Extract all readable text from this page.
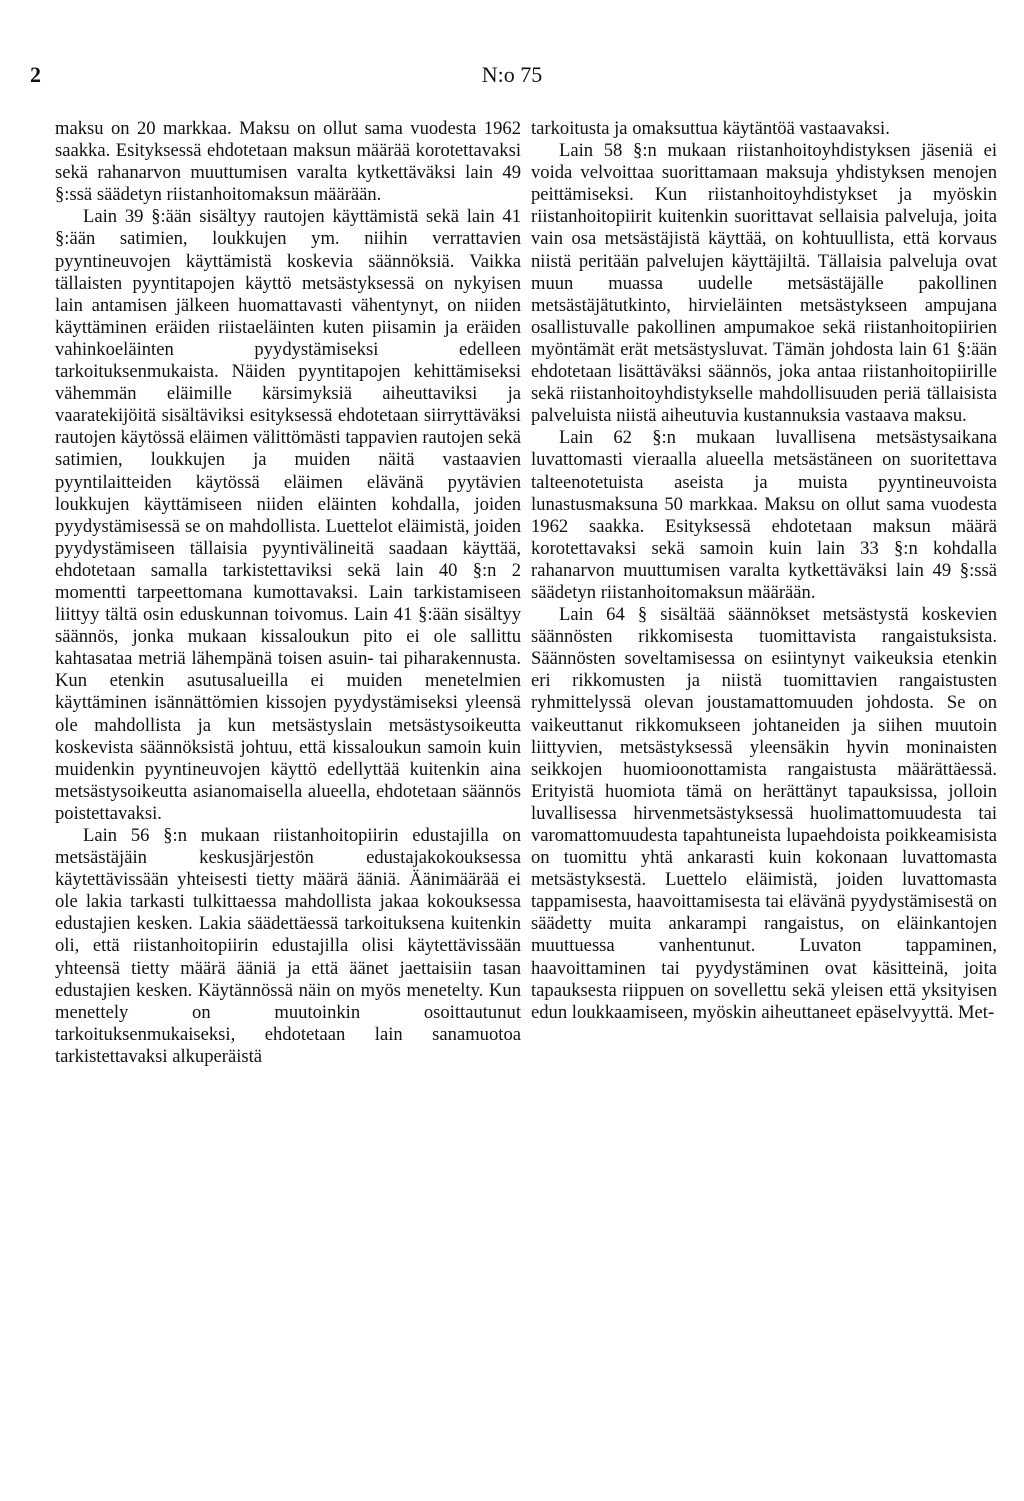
2	N:o 75

maksu on 20 markkaa. Maksu on ollut sama vuodesta 1962 saakka. Esityksessä ehdotetaan maksun määrää korotettavaksi sekä rahanarvon muuttumisen varalta kytkettäväksi lain 49 §:ssä säädetyn riistanhoitomaksun määrään.

Lain 39 §:ään sisältyy rautojen käyttämistä sekä lain 41 §:ään satimien, loukkujen ym. niihin verrattavien pyyntineuvojen käyttämistä koskevia säännöksiä. Vaikka tällaisten pyyntitapojen käyttö metsästyksessä on nykyisen lain antamisen jälkeen huomattavasti vähentynyt, on niiden käyttäminen eräiden riistaeläinten kuten piisamin ja eräiden vahinkoeläinten pyydystämiseksi edelleen tarkoituksenmukaista. Näiden pyyntitapojen kehittämiseksi vähemmän eläimille kärsimyksiä aiheuttaviksi ja vaaratekijöitä sisältäviksi esityksessä ehdotetaan siirryttäväksi rautojen käytössä eläimen välittömästi tappavien rautojen sekä satimien, loukkujen ja muiden näitä vastaavien pyyntilaitteiden käytössä eläimen elävänä pyytävien loukkujen käyttämiseen niiden eläinten kohdalla, joiden pyydystämisessä se on mahdollista. Luettelot eläimistä, joiden pyydystämiseen tällaisia pyyntivälineitä saadaan käyttää, ehdotetaan samalla tarkistettaviksi sekä lain 40 §:n 2 momentti tarpeettomana kumottavaksi. Lain tarkistamiseen liittyy tältä osin eduskunnan toivomus. Lain 41 §:ään sisältyy säännös, jonka mukaan kissaloukun pito ei ole sallittu kahtasataa metriä lähempänä toisen asuin- tai piharakennusta. Kun etenkin asutusalueilla ei muiden menetelmien käyttäminen isännättömien kissojen pyydystämiseksi yleensä ole mahdollista ja kun metsästyslain metsästysoikeutta koskevista säännöksistä johtuu, että kissaloukun samoin kuin muidenkin pyyntineuvojen käyttö edellyttää kuitenkin aina metsästysoikeutta asianomaisella alueella, ehdotetaan säännös poistettavaksi.

Lain 56 §:n mukaan riistanhoitopiirin edustajilla on metsästäjäin keskusjärjestön edustajakokouksessa käytettävissään yhteisesti tietty määrä ääniä. Äänimäärää ei ole lakia tarkasti tulkittaessa mahdollista jakaa kokouksessa edustajien kesken. Lakia säädettäessä tarkoituksena kuitenkin oli, että riistanhoitopiirin edustajilla olisi käytettävissään yhteensä tietty määrä ääniä ja että äänet jaettaisiin tasan edustajien kesken. Käytännössä näin on myös menetelty. Kun menettely on muutoinkin osoittautunut tarkoituksenmukaiseksi, ehdotetaan lain sanamuotoa tarkistettavaksi alkuperäistä

tarkoitusta ja omaksuttua käytäntöä vastaavaksi.

Lain 58 §:n mukaan riistanhoitoyhdistyksen jäseniä ei voida velvoittaa suorittamaan maksuja yhdistyksen menojen peittämiseksi. Kun riistanhoitoyhdistykset ja myöskin riistanhoitopiirit kuitenkin suorittavat sellaisia palveluja, joita vain osa metsästäjistä käyttää, on kohtuullista, että korvaus niistä peritään palvelujen käyttäjiltä. Tällaisia palveluja ovat muun muassa uudelle metsästäjälle pakollinen metsästäjätutkinto, hirvieläinten metsästykseen ampujana osallistuvalle pakollinen ampumakoe sekä riistanhoitopiirien myöntämät erät metsästysluvat. Tämän johdosta lain 61 §:ään ehdotetaan lisättäväksi säännös, joka antaa riistanhoitopiirille sekä riistanhoitoyhdistykselle mahdollisuuden periä tällaisista palveluista niistä aiheutuvia kustannuksia vastaava maksu.

Lain 62 §:n mukaan luvallisena metsästysaikana luvattomasti vieraalla alueella metsästäneen on suoritettava talteenotetuista aseista ja muista pyyntineuvoista lunastusmaksuna 50 markkaa. Maksu on ollut sama vuodesta 1962 saakka. Esityksessä ehdotetaan maksun määrä korotettavaksi sekä samoin kuin lain 33 §:n kohdalla rahanarvon muuttumisen varalta kytkettäväksi lain 49 §:ssä säädetyn riistanhoitomaksun määrään.

Lain 64 § sisältää säännökset metsästystä koskevien säännösten rikkomisesta tuomittavista rangaistuksista. Säännösten soveltamisessa on esiintynyt vaikeuksia etenkin eri rikkomusten ja niistä tuomittavien rangaistusten ryhmittelyssä olevan joustamattomuuden johdosta. Se on vaikeuttanut rikkomukseen johtaneiden ja siihen muutoin liittyvien, metsästyksessä yleensäkin hyvin moninaisten seikkojen huomioonottamista rangaistusta määrättäessä. Erityistä huomiota tämä on herättänyt tapauksissa, jolloin luvallisessa hirvenmetsästyksessä huolimattomuudesta tai varomattomuudesta tapahtuneista lupaehdoista poikkeamisista on tuomittu yhtä ankarasti kuin kokonaan luvattomasta metsästyksestä. Luettelo eläimistä, joiden luvattomasta tappamisesta, haavoittamisesta tai elävänä pyydystämisestä on säädetty muita ankarampi rangaistus, on eläinkantojen muuttuessa vanhentunut. Luvaton tappaminen, haavoittaminen tai pyydystäminen ovat käsitteinä, joita tapauksesta riippuen on sovellettu sekä yleisen että yksityisen edun loukkaamiseen, myöskin aiheuttaneet epäselvyyttä. Met-
